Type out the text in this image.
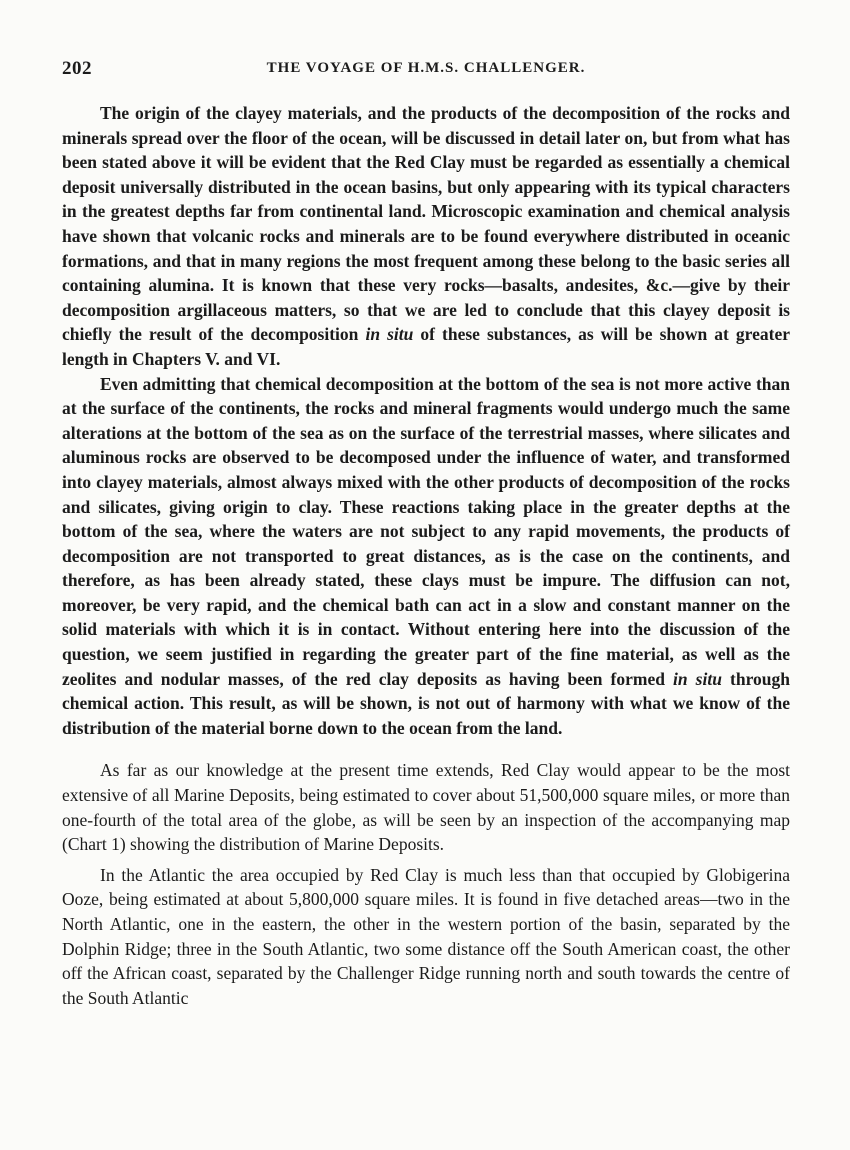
202	THE VOYAGE OF H.M.S. CHALLENGER.

The origin of the clayey materials, and the products of the decomposition of the rocks and minerals spread over the floor of the ocean, will be discussed in detail later on, but from what has been stated above it will be evident that the Red Clay must be regarded as essentially a chemical deposit universally distributed in the ocean basins, but only appearing with its typical characters in the greatest depths far from continental land. Microscopic examination and chemical analysis have shown that volcanic rocks and minerals are to be found everywhere distributed in oceanic formations, and that in many regions the most frequent among these belong to the basic series all containing alumina. It is known that these very rocks—basalts, andesites, &c.—give by their decomposition argillaceous matters, so that we are led to conclude that this clayey deposit is chiefly the result of the decomposition in situ of these substances, as will be shown at greater length in Chapters V. and VI.

Even admitting that chemical decomposition at the bottom of the sea is not more active than at the surface of the continents, the rocks and mineral fragments would undergo much the same alterations at the bottom of the sea as on the surface of the terrestrial masses, where silicates and aluminous rocks are observed to be decomposed under the influence of water, and transformed into clayey materials, almost always mixed with the other products of decomposition of the rocks and silicates, giving origin to clay. These reactions taking place in the greater depths at the bottom of the sea, where the waters are not subject to any rapid movements, the products of decomposition are not transported to great distances, as is the case on the continents, and therefore, as has been already stated, these clays must be impure. The diffusion can not, moreover, be very rapid, and the chemical bath can act in a slow and constant manner on the solid materials with which it is in contact. Without entering here into the discussion of the question, we seem justified in regarding the greater part of the fine material, as well as the zeolites and nodular masses, of the red clay deposits as having been formed in situ through chemical action. This result, as will be shown, is not out of harmony with what we know of the distribution of the material borne down to the ocean from the land.

As far as our knowledge at the present time extends, Red Clay would appear to be the most extensive of all Marine Deposits, being estimated to cover about 51,500,000 square miles, or more than one-fourth of the total area of the globe, as will be seen by an inspection of the accompanying map (Chart 1) showing the distribution of Marine Deposits.

In the Atlantic the area occupied by Red Clay is much less than that occupied by Globigerina Ooze, being estimated at about 5,800,000 square miles. It is found in five detached areas—two in the North Atlantic, one in the eastern, the other in the western portion of the basin, separated by the Dolphin Ridge; three in the South Atlantic, two some distance off the South American coast, the other off the African coast, separated by the Challenger Ridge running north and south towards the centre of the South Atlantic
